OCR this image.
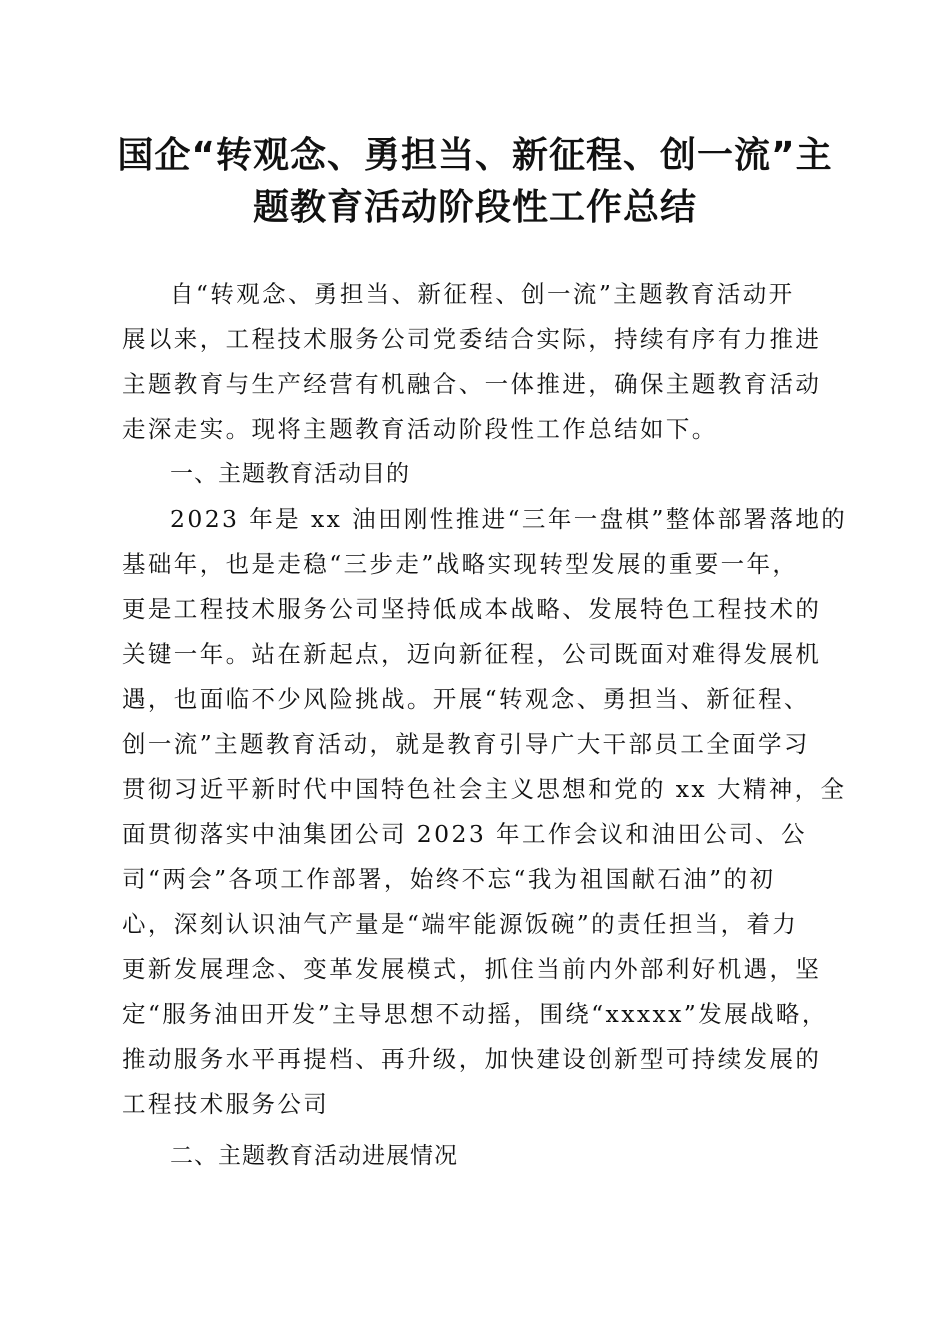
国企“转观念、勇担当、新征程、创一流”主
题教育活动阶段性工作总结
自“转观念、勇担当、新征程、创一流”主题教育活动开
展以来，工程技术服务公司党委结合实际，持续有序有力推进
主题教育与生产经营有机融合、一体推进，确保主题教育活动
走深走实。现将主题教育活动阶段性工作总结如下。
一、主题教育活动目的
2023 年是 xx 油田刚性推进“三年一盘棋”整体部署落地的
基础年，也是走稳“三步走”战略实现转型发展的重要一年，
更是工程技术服务公司坚持低成本战略、发展特色工程技术的
关键一年。站在新起点，迈向新征程，公司既面对难得发展机
遇，也面临不少风险挑战。开展“转观念、勇担当、新征程、
创一流”主题教育活动，就是教育引导广大干部员工全面学习
贯彻习近平新时代中国特色社会主义思想和党的 xx 大精神，全
面贯彻落实中油集团公司 2023 年工作会议和油田公司、公
司“两会”各项工作部署，始终不忘“我为祖国献石油”的初
心，深刻认识油气产量是“端牢能源饭碗”的责任担当，着力
更新发展理念、变革发展模式，抓住当前内外部利好机遇，坚
定“服务油田开发”主导思想不动摇，围绕“xxxxx”发展战略，
推动服务水平再提档、再升级，加快建设创新型可持续发展的
工程技术服务公司
二、主题教育活动进展情况
